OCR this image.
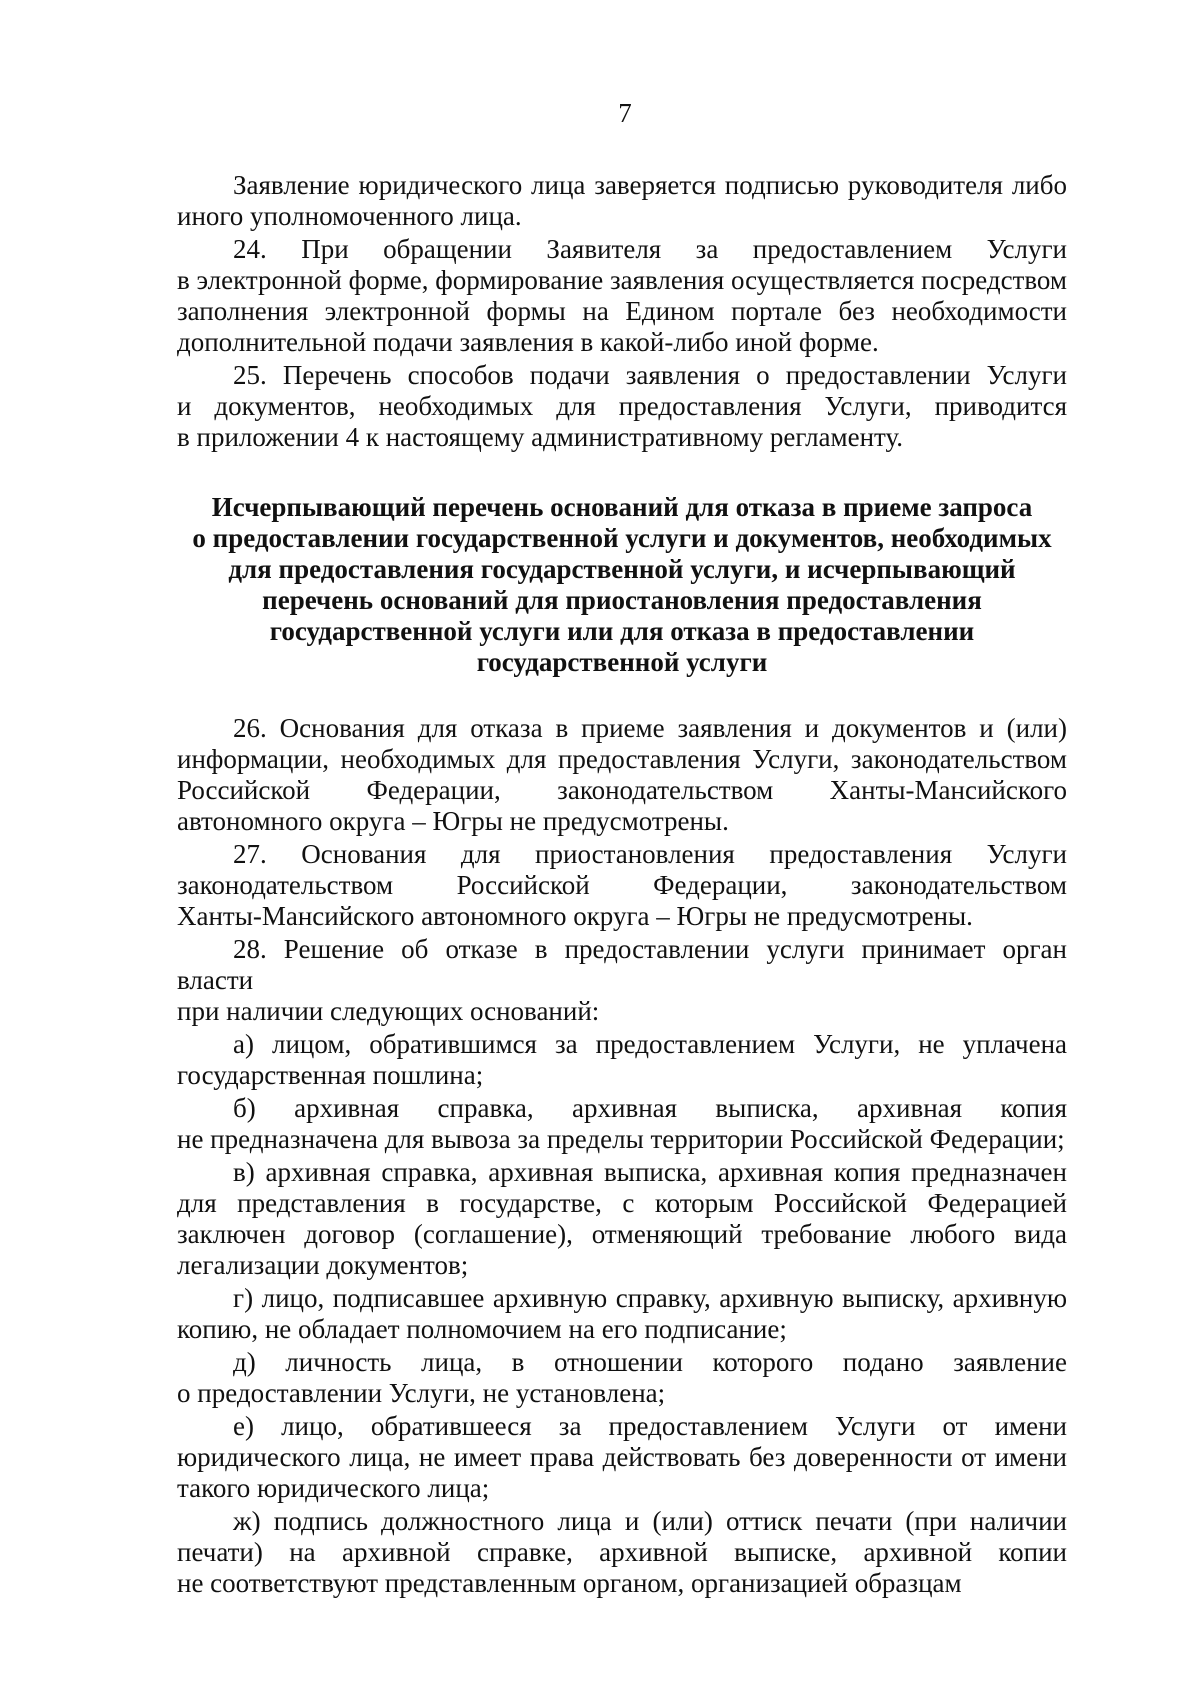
7
Заявление юридического лица заверяется подписью руководителя либо
иного уполномоченного лица.
24. При обращении Заявителя за предоставлением Услуги
в электронной форме, формирование заявления осуществляется посредством
заполнения электронной формы на Едином портале без необходимости
дополнительной подачи заявления в какой-либо иной форме.
25. Перечень способов подачи заявления о предоставлении Услуги
и документов, необходимых для предоставления Услуги, приводится
в приложении 4 к настоящему административному регламенту.
Исчерпывающий перечень оснований для отказа в приеме запроса
о предоставлении государственной услуги и документов, необходимых
для предоставления государственной услуги, и исчерпывающий
перечень оснований для приостановления предоставления
государственной услуги или для отказа в предоставлении
государственной услуги
26. Основания для отказа в приеме заявления и документов и (или)
информации, необходимых для предоставления Услуги, законодательством
Российской Федерации, законодательством Ханты-Мансийского
автономного округа – Югры не предусмотрены.
27. Основания для приостановления предоставления Услуги
законодательством Российской Федерации, законодательством
Ханты-Мансийского автономного округа – Югры не предусмотрены.
28. Решение об отказе в предоставлении услуги принимает орган власти
при наличии следующих оснований:
а) лицом, обратившимся за предоставлением Услуги, не уплачена
государственная пошлина;
б) архивная справка, архивная выписка, архивная копия
не предназначена для вывоза за пределы территории Российской Федерации;
в) архивная справка, архивная выписка, архивная копия предназначен
для представления в государстве, с которым Российской Федерацией
заключен договор (соглашение), отменяющий требование любого вида
легализации документов;
г) лицо, подписавшее архивную справку, архивную выписку, архивную
копию, не обладает полномочием на его подписание;
д) личность лица, в отношении которого подано заявление
о предоставлении Услуги, не установлена;
е) лицо, обратившееся за предоставлением Услуги от имени
юридического лица, не имеет права действовать без доверенности от имени
такого юридического лица;
ж) подпись должностного лица и (или) оттиск печати (при наличии
печати) на архивной справке, архивной выписке, архивной копии
не соответствуют представленным органом, организацией образцам
